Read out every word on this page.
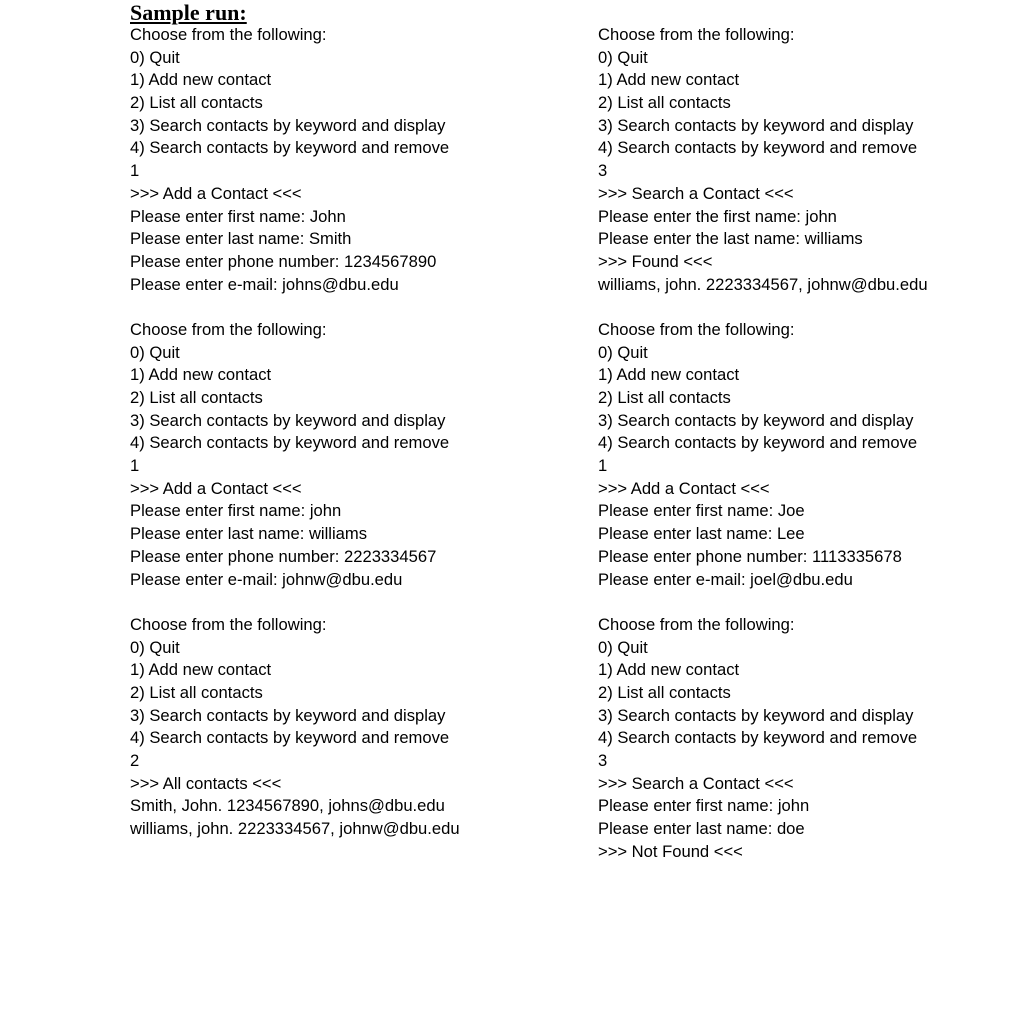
Sample run:
Choose from the following:
0) Quit
1) Add new contact
2) List all contacts
3) Search contacts by keyword and display
4) Search contacts by keyword and remove
1
>>> Add a Contact <<<
Please enter first name: John
Please enter last name: Smith
Please enter phone number: 1234567890
Please enter e-mail: johns@dbu.edu
Choose from the following:
0) Quit
1) Add new contact
2) List all contacts
3) Search contacts by keyword and display
4) Search contacts by keyword and remove
1
>>> Add a Contact <<<
Please enter first name: john
Please enter last name: williams
Please enter phone number: 2223334567
Please enter e-mail: johnw@dbu.edu
Choose from the following:
0) Quit
1) Add new contact
2) List all contacts
3) Search contacts by keyword and display
4) Search contacts by keyword and remove
2
>>> All contacts <<<
Smith, John. 1234567890, johns@dbu.edu
williams, john. 2223334567, johnw@dbu.edu
Choose from the following:
0) Quit
1) Add new contact
2) List all contacts
3) Search contacts by keyword and display
4) Search contacts by keyword and remove
3
>>> Search a Contact <<<
Please enter the first name: john
Please enter the last name: williams
>>> Found <<<
williams, john. 2223334567, johnw@dbu.edu
Choose from the following:
0) Quit
1) Add new contact
2) List all contacts
3) Search contacts by keyword and display
4) Search contacts by keyword and remove
1
>>> Add a Contact <<<
Please enter first name: Joe
Please enter last name: Lee
Please enter phone number: 1113335678
Please enter e-mail: joel@dbu.edu
Choose from the following:
0) Quit
1) Add new contact
2) List all contacts
3) Search contacts by keyword and display
4) Search contacts by keyword and remove
3
>>> Search a Contact <<<
Please enter first name: john
Please enter last name: doe
>>> Not Found <<<
